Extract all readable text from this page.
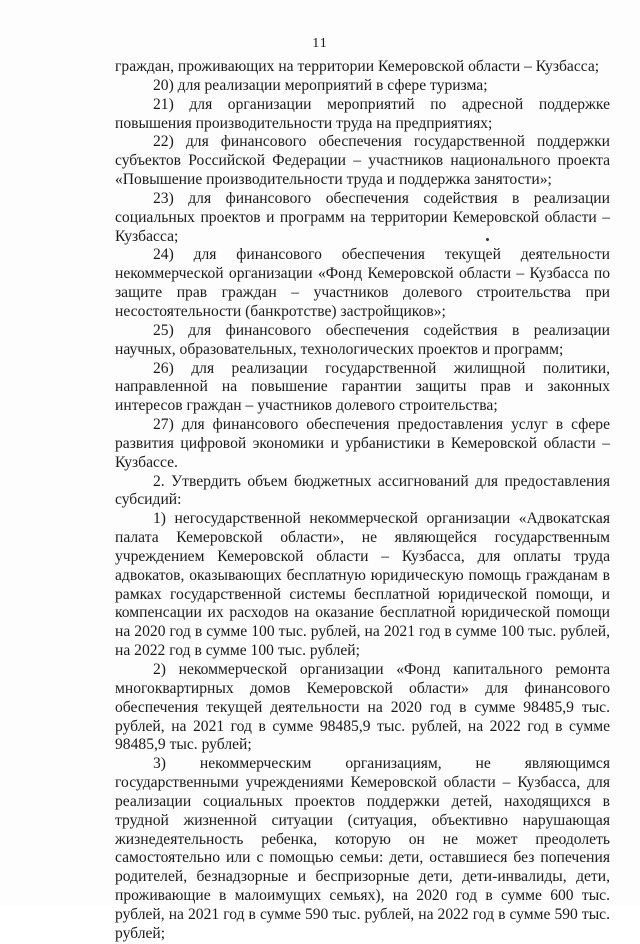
11

граждан, проживающих на территории Кемеровской области – Кузбасса;

20) для реализации мероприятий в сфере туризма;

21) для организации мероприятий по адресной поддержке повышения производительности труда на предприятиях;

22) для финансового обеспечения государственной поддержки субъектов Российской Федерации – участников национального проекта «Повышение производительности труда и поддержка занятости»;

23) для финансового обеспечения содействия в реализации социальных проектов и программ на территории Кемеровской области – Кузбасса;

24) для финансового обеспечения текущей деятельности некоммерческой организации «Фонд Кемеровской области – Кузбасса по защите прав граждан – участников долевого строительства при несостоятельности (банкротстве) застройщиков»;

25) для финансового обеспечения содействия в реализации научных, образовательных, технологических проектов и программ;

26) для реализации государственной жилищной политики, направленной на повышение гарантии защиты прав и законных интересов граждан – участников долевого строительства;

27) для финансового обеспечения предоставления услуг в сфере развития цифровой экономики и урбанистики в Кемеровской области – Кузбассе.

2. Утвердить объем бюджетных ассигнований для предоставления субсидий:

1) негосударственной некоммерческой организации «Адвокатская палата Кемеровской области», не являющейся государственным учреждением Кемеровской области – Кузбасса, для оплаты труда адвокатов, оказывающих бесплатную юридическую помощь гражданам в рамках государственной системы бесплатной юридической помощи, и компенсации их расходов на оказание бесплатной юридической помощи на 2020 год в сумме 100 тыс. рублей, на 2021 год в сумме 100 тыс. рублей, на 2022 год в сумме 100 тыс. рублей;

2) некоммерческой организации «Фонд капитального ремонта многоквартирных домов Кемеровской области» для финансового обеспечения текущей деятельности на 2020 год в сумме 98485,9 тыс. рублей, на 2021 год в сумме 98485,9 тыс. рублей, на 2022 год в сумме 98485,9 тыс. рублей;

3) некоммерческим организациям, не являющимся государственными учреждениями Кемеровской области – Кузбасса, для реализации социальных проектов поддержки детей, находящихся в трудной жизненной ситуации (ситуация, объективно нарушающая жизнедеятельность ребенка, которую он не может преодолеть самостоятельно или с помощью семьи: дети, оставшиеся без попечения родителей, безнадзорные и беспризорные дети, дети-инвалиды, дети, проживающие в малоимущих семьях), на 2020 год в сумме 600 тыс. рублей, на 2021 год в сумме 590 тыс. рублей, на 2022 год в сумме 590 тыс. рублей;
